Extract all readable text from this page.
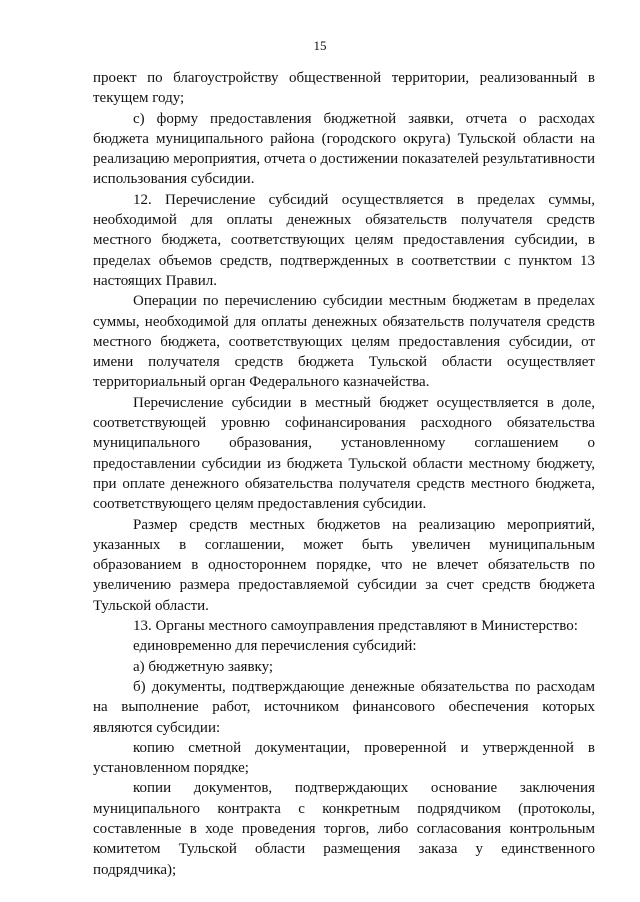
15

проект по благоустройству общественной территории, реализованный в текущем году;

с) форму предоставления бюджетной заявки, отчета о расходах бюджета муниципального района (городского округа) Тульской области на реализацию мероприятия, отчета о достижении показателей результативности использования субсидии.

12. Перечисление субсидий осуществляется в пределах суммы, необходимой для оплаты денежных обязательств получателя средств местного бюджета, соответствующих целям предоставления субсидии, в пределах объемов средств, подтвержденных в соответствии с пунктом 13 настоящих Правил.

Операции по перечислению субсидии местным бюджетам в пределах суммы, необходимой для оплаты денежных обязательств получателя средств местного бюджета, соответствующих целям предоставления субсидии, от имени получателя средств бюджета Тульской области осуществляет территориальный орган Федерального казначейства.

Перечисление субсидии в местный бюджет осуществляется в доле, соответствующей уровню софинансирования расходного обязательства муниципального образования, установленному соглашением о предоставлении субсидии из бюджета Тульской области местному бюджету, при оплате денежного обязательства получателя средств местного бюджета, соответствующего целям предоставления субсидии.

Размер средств местных бюджетов на реализацию мероприятий, указанных в соглашении, может быть увеличен муниципальным образованием в одностороннем порядке, что не влечет обязательств по увеличению размера предоставляемой субсидии за счет средств бюджета Тульской области.

13. Органы местного самоуправления представляют в Министерство:

единовременно для перечисления субсидий:

а) бюджетную заявку;

б) документы, подтверждающие денежные обязательства по расходам на выполнение работ, источником финансового обеспечения которых являются субсидии:

копию сметной документации, проверенной и утвержденной в установленном порядке;

копии документов, подтверждающих основание заключения муниципального контракта с конкретным подрядчиком (протоколы, составленные в ходе проведения торгов, либо согласования контрольным комитетом Тульской области размещения заказа у единственного подрядчика);
